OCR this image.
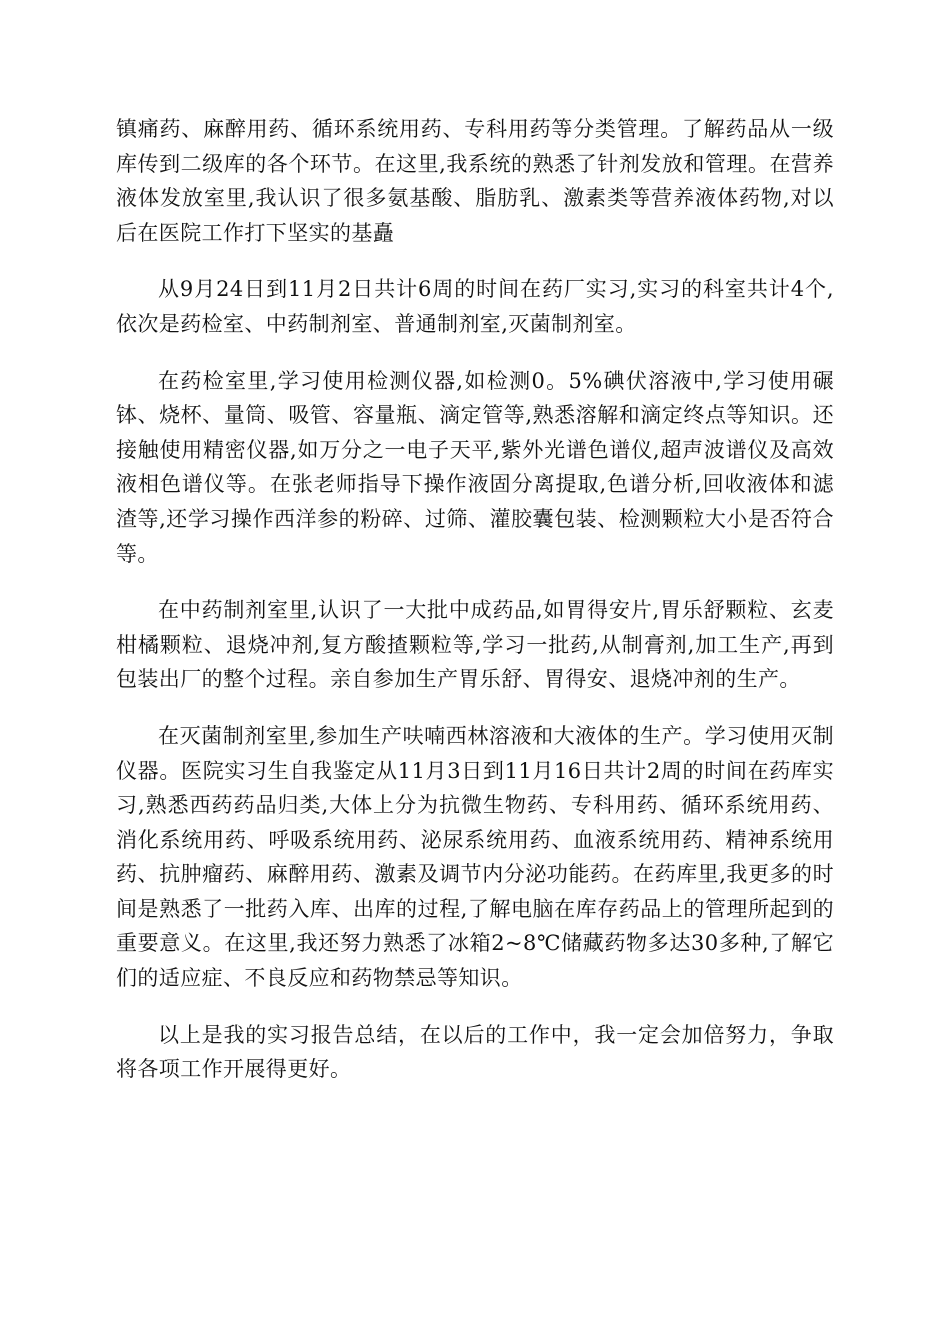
镇痛药、麻醉用药、循环系统用药、专科用药等分类管理。了解药品从一级库传到二级库的各个环节。在这里,我系统的熟悉了针剂发放和管理。在营养液体发放室里,我认识了很多氨基酸、脂肪乳、激素类等营养液体药物,对以后在医院工作打下坚实的基矗

从9月24日到11月2日共计6周的时间在药厂实习,实习的科室共计4个,依次是药检室、中药制剂室、普通制剂室,灭菌制剂室。

在药检室里,学习使用检测仪器,如检测0。5%碘伏溶液中,学习使用碾钵、烧杯、量筒、吸管、容量瓶、滴定管等,熟悉溶解和滴定终点等知识。还接触使用精密仪器,如万分之一电子天平,紫外光谱色谱仪,超声波谱仪及高效液相色谱仪等。在张老师指导下操作液固分离提取,色谱分析,回收液体和滤渣等,还学习操作西洋参的粉碎、过筛、灌胶囊包装、检测颗粒大小是否符合等。

在中药制剂室里,认识了一大批中成药品,如胃得安片,胃乐舒颗粒、玄麦柑橘颗粒、退烧冲剂,复方酸揸颗粒等,学习一批药,从制膏剂,加工生产,再到包装出厂的整个过程。亲自参加生产胃乐舒、胃得安、退烧冲剂的生产。

在灭菌制剂室里,参加生产呋喃西林溶液和大液体的生产。学习使用灭制仪器。医院实习生自我鉴定从11月3日到11月16日共计2周的时间在药库实习,熟悉西药药品归类,大体上分为抗微生物药、专科用药、循环系统用药、消化系统用药、呼吸系统用药、泌尿系统用药、血液系统用药、精神系统用药、抗肿瘤药、麻醉用药、激素及调节内分泌功能药。在药库里,我更多的时间是熟悉了一批药入库、出库的过程,了解电脑在库存药品上的管理所起到的重要意义。在这里,我还努力熟悉了冰箱2~8℃储藏药物多达30多种,了解它们的适应症、不良反应和药物禁忌等知识。

以上是我的实习报告总结，在以后的工作中，我一定会加倍努力，争取将各项工作开展得更好。
